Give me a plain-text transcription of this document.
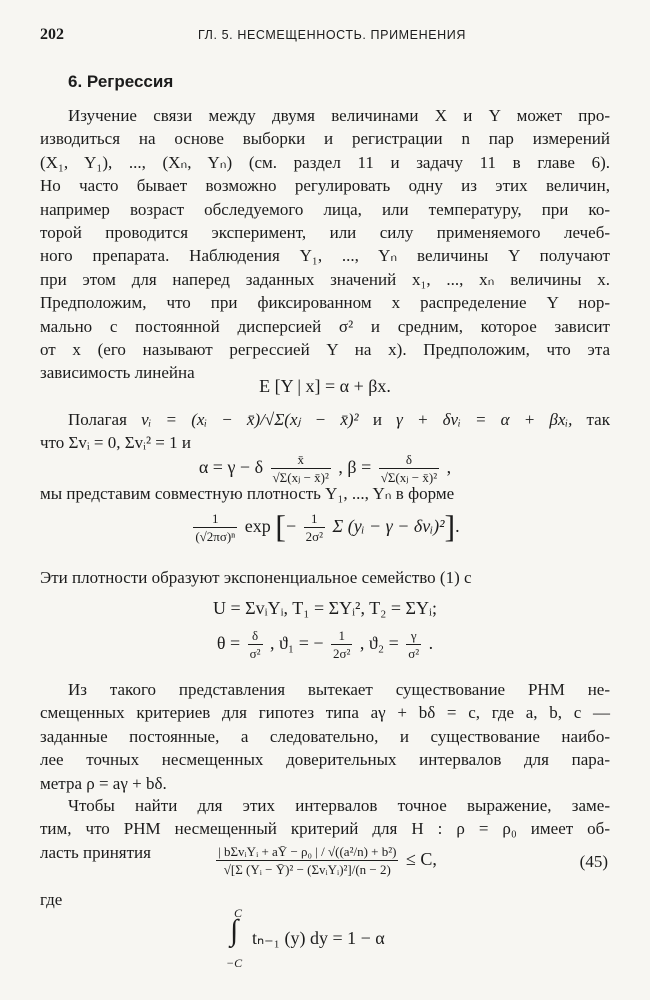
202	ГЛ. 5. НЕСМЕЩЕННОСТЬ. ПРИМЕНЕНИЯ
6. Регрессия
Изучение связи между двумя величинами X и Y может про-
изводиться на основе выборки и регистрации n пар измерений
(X₁, Y₁), ..., (Xₙ, Yₙ) (см. раздел 11 и задачу 11 в главе 6).
Но часто бывает возможно регулировать одну из этих величин,
например возраст обследуемого лица, или температуру, при ко-
торой проводится эксперимент, или силу применяемого лечеб-
ного препарата. Наблюдения Y₁, ..., Yₙ величины Y получают
при этом для наперед заданных значений x₁, ..., xₙ величины x.
Предположим, что при фиксированном x распределение Y нор-
мально с постоянной дисперсией σ² и средним, которое зависит
от x (его называют регрессией Y на x). Предположим, что эта
зависимость линейна
E [Y | x] = α + βx.
Полагая vᵢ = (xᵢ − x̄)/√Σ(xⱼ − x̄)² и γ + δvᵢ = α + βxᵢ, так
что Σvᵢ = 0, Σvᵢ² = 1 и
α = γ − δ $\frac{x̄}{\text{√Σ(xⱼ − x̄)²}}$ , $\beta = \frac{\delta}{\text{√Σ(xⱼ − x̄)²}}$ ,
мы представим совместную плотность Y₁, ..., Yₙ в форме
$\frac{1}{\text{(√2πσ)ⁿ}}$ exp [− $\frac{1}{\text{2σ²}}$ Σ (yᵢ − γ − δvᵢ)²].
Эти плотности образуют экспоненциальное семейство (1) с
U = ΣvᵢYᵢ, T₁ = ΣYᵢ², T₂ = ΣYᵢ;
$\theta = \frac{\delta}{\text{σ²}}$ , ϑ₁ = − $\frac{1}{\text{2σ²}}$ , $ϑ_2 = \frac{\gamma}{\text{σ²}}$ .
Из такого представления вытекает существование РНМ не-
смещенных критериев для гипотез типа aγ + bδ = c, где a, b, c —
заданные постоянные, а следовательно, и существование наибо-
лее точных несмещенных доверительных интервалов для пара-
метра ρ = aγ + bδ.
Чтобы найти для этих интервалов точное выражение, заме-
тим, что РНМ несмещенный критерий для H : ρ = ρ₀ имеет об-
ласть принятия	$\frac{\text{| bΣvᵢYᵢ + aȲ − ρ₀ | / √((a²/n) + b²)}}{\text{√[Σ (Yᵢ − Ȳ)² − (ΣvᵢYᵢ)²]/(n − 2)}} \le C$,	(45)
где
C
∫
−C
tₙ₋₁ (y) dy = 1 − α
